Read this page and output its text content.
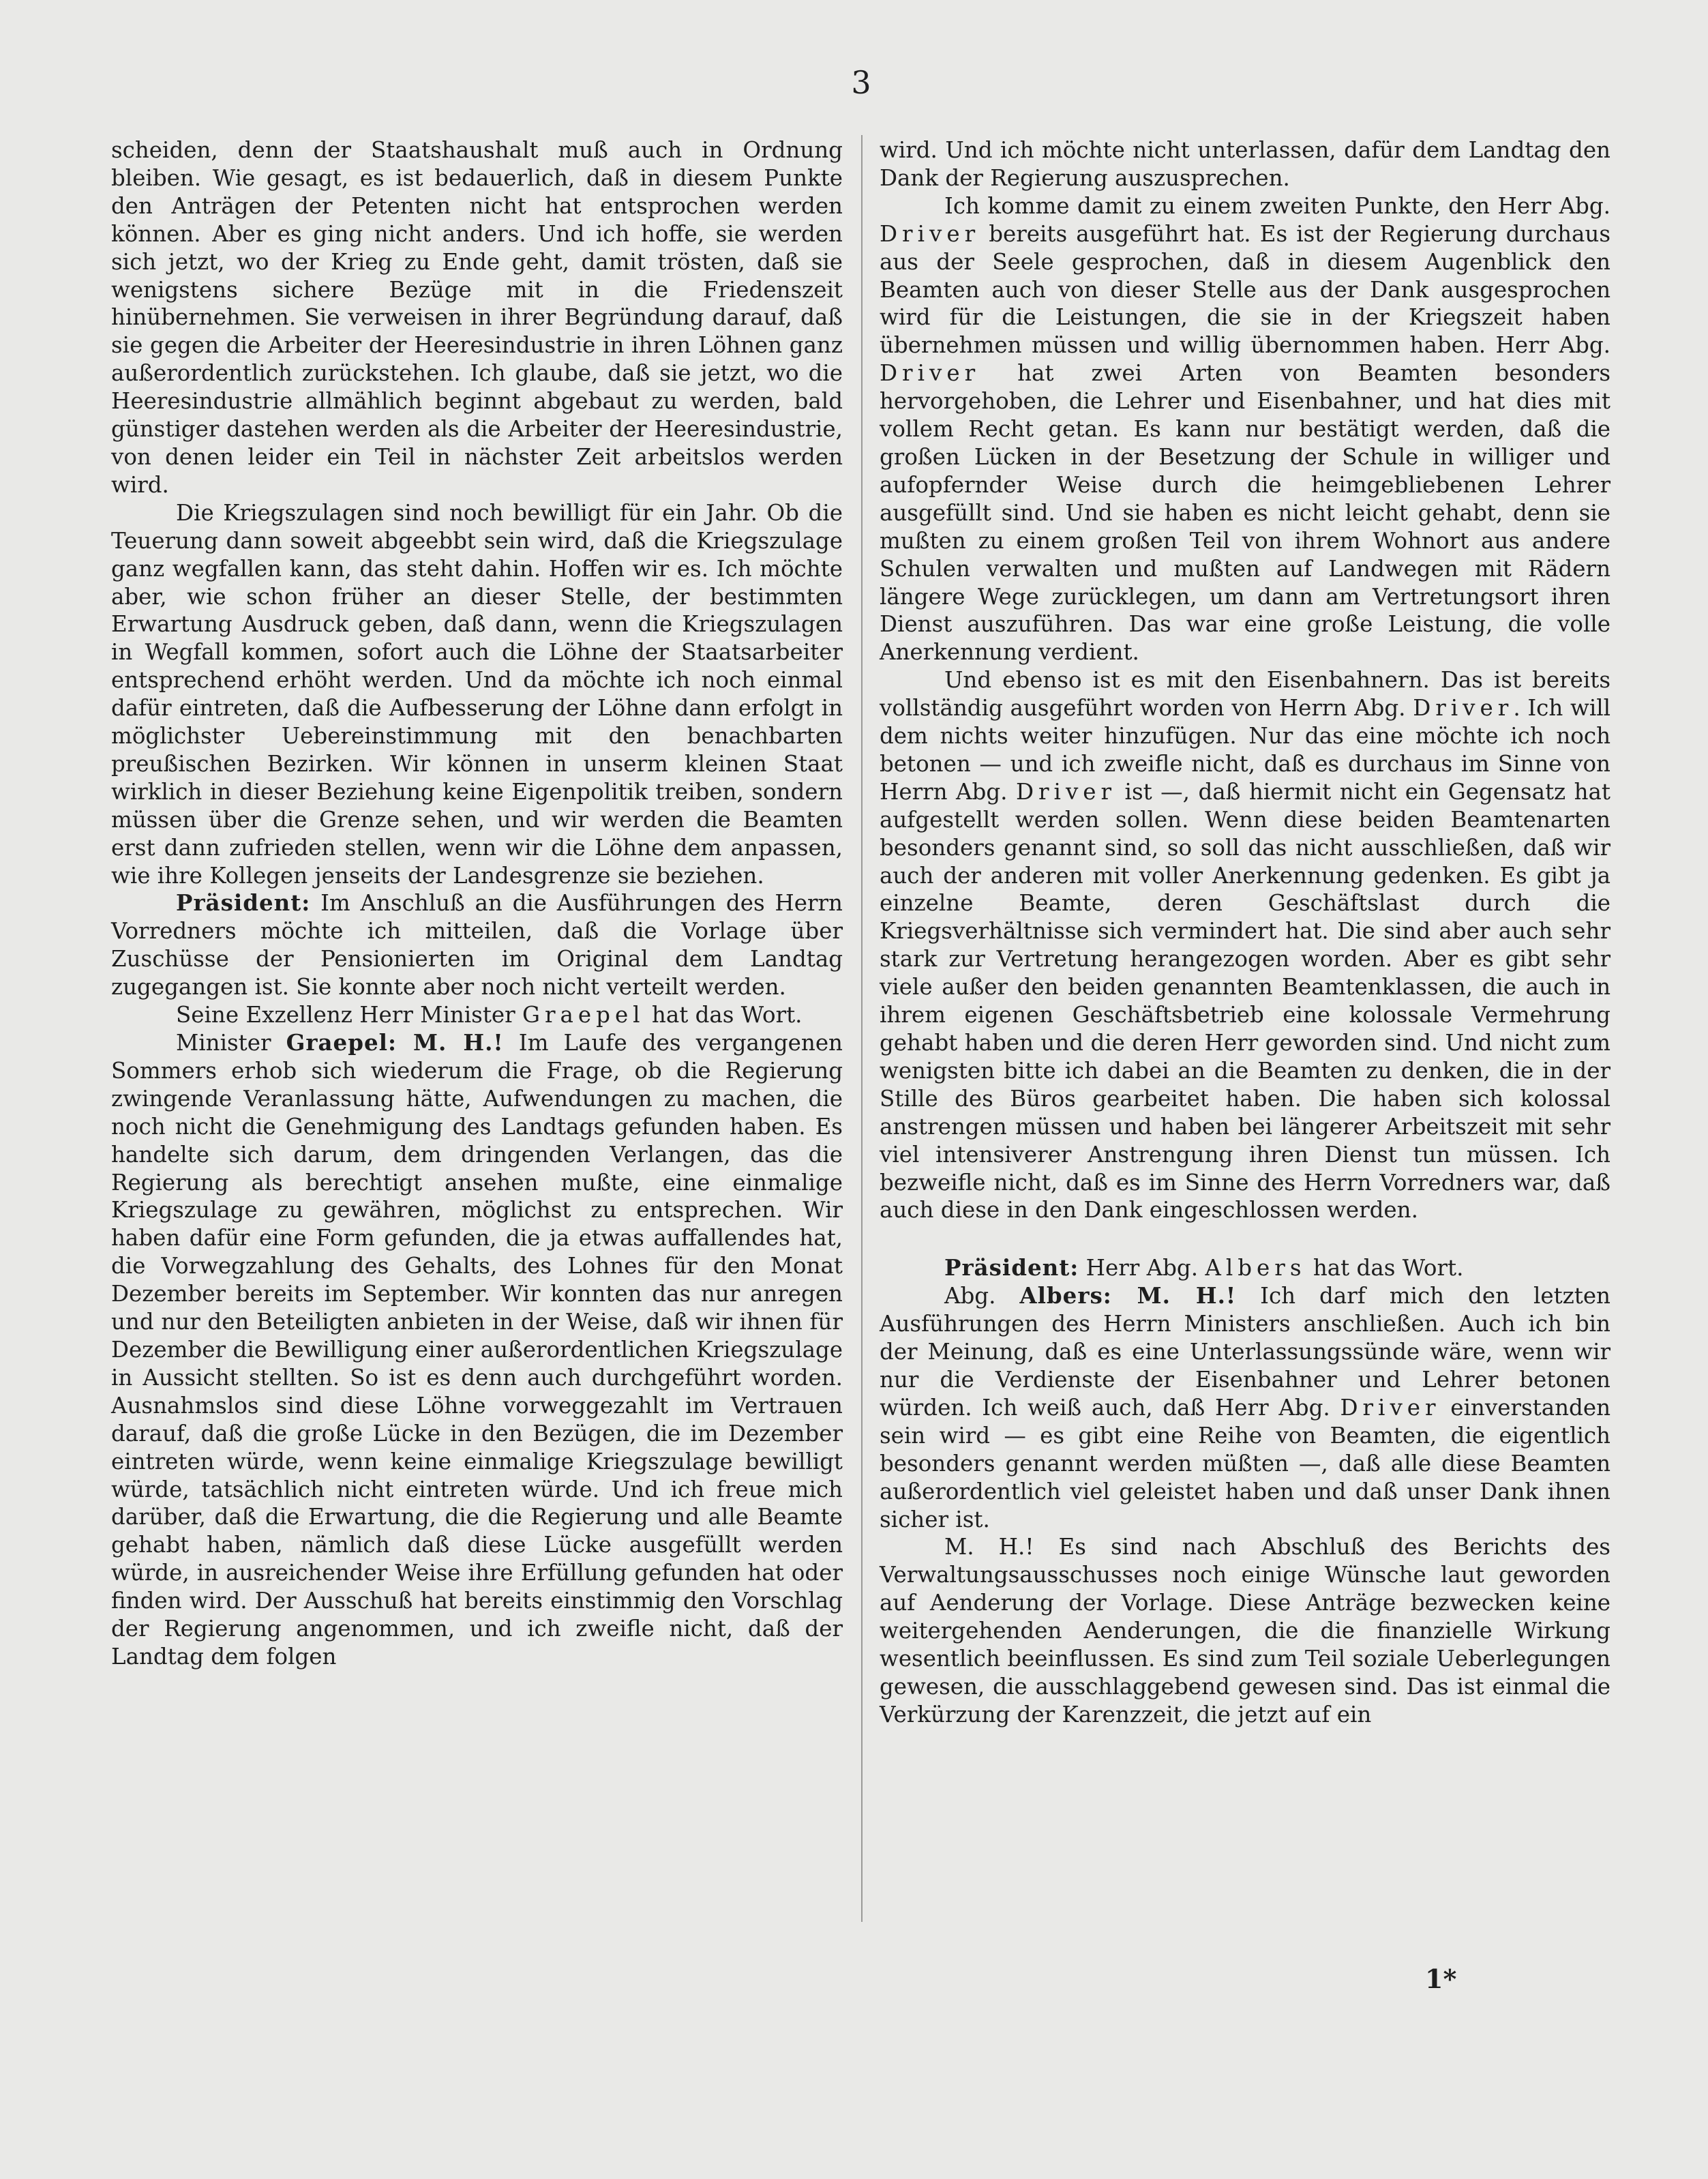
3

scheiden, denn der Staatshaushalt muß auch in Ordnung bleiben. Wie gesagt, es ist bedauerlich, daß in diesem Punkte den Anträgen der Petenten nicht hat entsprochen werden können. Aber es ging nicht anders. Und ich hoffe, sie werden sich jetzt, wo der Krieg zu Ende geht, damit trösten, daß sie wenigstens sichere Bezüge mit in die Friedenszeit hinübernehmen. Sie verweisen in ihrer Begründung darauf, daß sie gegen die Arbeiter der Heeresindustrie in ihren Löhnen ganz außerordentlich zurückstehen. Ich glaube, daß sie jetzt, wo die Heeresindustrie allmählich beginnt abgebaut zu werden, bald günstiger dastehen werden als die Arbeiter der Heeresindustrie, von denen leider ein Teil in nächster Zeit arbeitslos werden wird.

Die Kriegszulagen sind noch bewilligt für ein Jahr. Ob die Teuerung dann soweit abgeebbt sein wird, daß die Kriegszulage ganz wegfallen kann, das steht dahin. Hoffen wir es. Ich möchte aber, wie schon früher an dieser Stelle, der bestimmten Erwartung Ausdruck geben, daß dann, wenn die Kriegszulagen in Wegfall kommen, sofort auch die Löhne der Staatsarbeiter entsprechend erhöht werden. Und da möchte ich noch einmal dafür eintreten, daß die Aufbesserung der Löhne dann erfolgt in möglichster Uebereinstimmung mit den benachbarten preußischen Bezirken. Wir können in unserm kleinen Staat wirklich in dieser Beziehung keine Eigenpolitik treiben, sondern müssen über die Grenze sehen, und wir werden die Beamten erst dann zufrieden stellen, wenn wir die Löhne dem anpassen, wie ihre Kollegen jenseits der Landesgrenze sie beziehen.

Präsident: Im Anschluß an die Ausführungen des Herrn Vorredners möchte ich mitteilen, daß die Vorlage über Zuschüsse der Pensionierten im Original dem Landtag zugegangen ist. Sie konnte aber noch nicht verteilt werden.

Seine Exzellenz Herr Minister Graepel hat das Wort.

Minister Graepel: M. H.! Im Laufe des vergangenen Sommers erhob sich wiederum die Frage, ob die Regierung zwingende Veranlassung hätte, Aufwendungen zu machen, die noch nicht die Genehmigung des Landtags gefunden haben. Es handelte sich darum, dem dringenden Verlangen, das die Regierung als berechtigt ansehen mußte, eine einmalige Kriegszulage zu gewähren, möglichst zu entsprechen. Wir haben dafür eine Form gefunden, die ja etwas auffallendes hat, die Vorwegzahlung des Gehalts, des Lohnes für den Monat Dezember bereits im September. Wir konnten das nur anregen und nur den Beteiligten anbieten in der Weise, daß wir ihnen für Dezember die Bewilligung einer außerordentlichen Kriegszulage in Aussicht stellten. So ist es denn auch durchgeführt worden. Ausnahmslos sind diese Löhne vorweggezahlt im Vertrauen darauf, daß die große Lücke in den Bezügen, die im Dezember eintreten würde, wenn keine einmalige Kriegszulage bewilligt würde, tatsächlich nicht eintreten würde. Und ich freue mich darüber, daß die Erwartung, die die Regierung und alle Beamte gehabt haben, nämlich daß diese Lücke ausgefüllt werden würde, in ausreichender Weise ihre Erfüllung gefunden hat oder finden wird. Der Ausschuß hat bereits einstimmig den Vorschlag der Regierung angenommen, und ich zweifle nicht, daß der Landtag dem folgen

wird. Und ich möchte nicht unterlassen, dafür dem Landtag den Dank der Regierung auszusprechen.

Ich komme damit zu einem zweiten Punkte, den Herr Abg. Driver bereits ausgeführt hat. Es ist der Regierung durchaus aus der Seele gesprochen, daß in diesem Augenblick den Beamten auch von dieser Stelle aus der Dank ausgesprochen wird für die Leistungen, die sie in der Kriegszeit haben übernehmen müssen und willig übernommen haben. Herr Abg. Driver hat zwei Arten von Beamten besonders hervorgehoben, die Lehrer und Eisenbahner, und hat dies mit vollem Recht getan. Es kann nur bestätigt werden, daß die großen Lücken in der Besetzung der Schule in williger und aufopfernder Weise durch die heimgebliebenen Lehrer ausgefüllt sind. Und sie haben es nicht leicht gehabt, denn sie mußten zu einem großen Teil von ihrem Wohnort aus andere Schulen verwalten und mußten auf Landwegen mit Rädern längere Wege zurücklegen, um dann am Vertretungsort ihren Dienst auszuführen. Das war eine große Leistung, die volle Anerkennung verdient.

Und ebenso ist es mit den Eisenbahnern. Das ist bereits vollständig ausgeführt worden von Herrn Abg. Driver. Ich will dem nichts weiter hinzufügen. Nur das eine möchte ich noch betonen — und ich zweifle nicht, daß es durchaus im Sinne von Herrn Abg. Driver ist —, daß hiermit nicht ein Gegensatz hat aufgestellt werden sollen. Wenn diese beiden Beamtenarten besonders genannt sind, so soll das nicht ausschließen, daß wir auch der anderen mit voller Anerkennung gedenken. Es gibt ja einzelne Beamte, deren Geschäftslast durch die Kriegsverhältnisse sich vermindert hat. Die sind aber auch sehr stark zur Vertretung herangezogen worden. Aber es gibt sehr viele außer den beiden genannten Beamtenklassen, die auch in ihrem eigenen Geschäftsbetrieb eine kolossale Vermehrung gehabt haben und die deren Herr geworden sind. Und nicht zum wenigsten bitte ich dabei an die Beamten zu denken, die in der Stille des Büros gearbeitet haben. Die haben sich kolossal anstrengen müssen und haben bei längerer Arbeitszeit mit sehr viel intensiverer Anstrengung ihren Dienst tun müssen. Ich bezweifle nicht, daß es im Sinne des Herrn Vorredners war, daß auch diese in den Dank eingeschlossen werden.

Präsident: Herr Abg. Albers hat das Wort.

Abg. Albers: M. H.! Ich darf mich den letzten Ausführungen des Herrn Ministers anschließen. Auch ich bin der Meinung, daß es eine Unterlassungssünde wäre, wenn wir nur die Verdienste der Eisenbahner und Lehrer betonen würden. Ich weiß auch, daß Herr Abg. Driver einverstanden sein wird — es gibt eine Reihe von Beamten, die eigentlich besonders genannt werden müßten —, daß alle diese Beamten außerordentlich viel geleistet haben und daß unser Dank ihnen sicher ist.

M. H.! Es sind nach Abschluß des Berichts des Verwaltungsausschusses noch einige Wünsche laut geworden auf Aenderung der Vorlage. Diese Anträge bezwecken keine weitergehenden Aenderungen, die die finanzielle Wirkung wesentlich beeinflussen. Es sind zum Teil soziale Ueberlegungen gewesen, die ausschlaggebend gewesen sind. Das ist einmal die Verkürzung der Karenzzeit, die jetzt auf ein

1*
